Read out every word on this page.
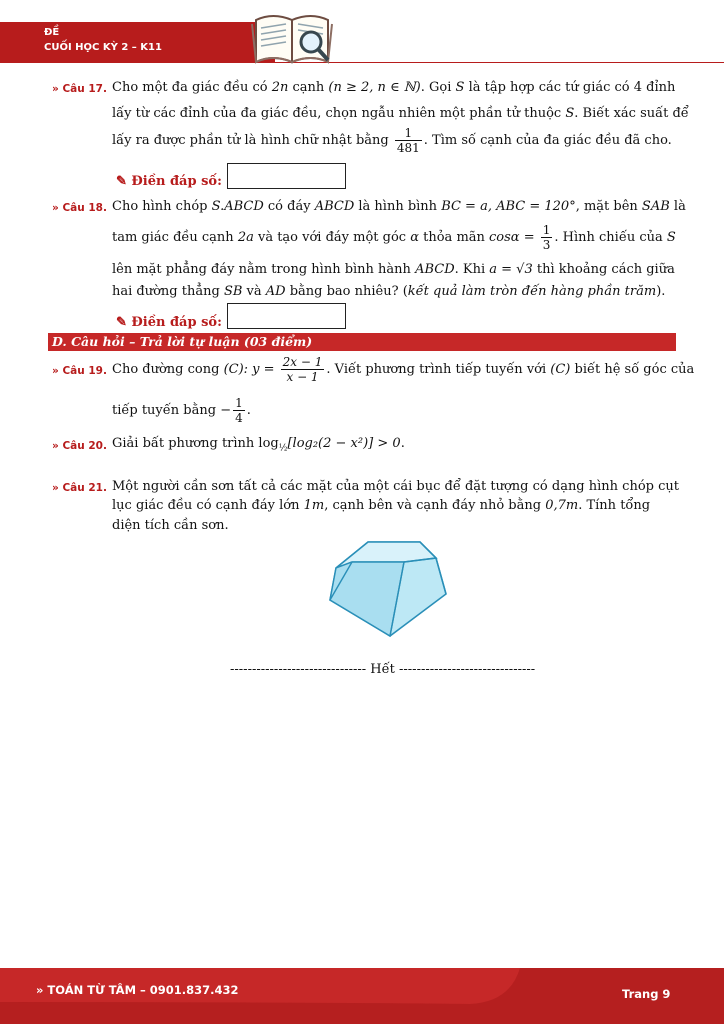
ĐỀ
CUỐI HỌC KỲ 2 – K11
» Câu 17. Cho một đa giác đều có 2n cạnh (n ≥ 2, n ∈ ℕ). Gọi S là tập hợp các tứ giác có 4 đỉnh
lấy từ các đỉnh của đa giác đều, chọn ngẫu nhiên một phần tử thuộc S. Biết xác suất để
lấy ra được phần tử là hình chữ nhật bằng $\frac{1}{481}$ . Tìm số cạnh của đa giác đều đã cho.
✎ Điền đáp số:
» Câu 18. Cho hình chóp S.ABCD có đáy ABCD là hình bình BC = a, ABC = 120°, mặt bên SAB là
tam giác đều cạnh 2a và tạo với đáy một góc α thỏa mãn $\cos\alpha = \frac{1}{3}$ . Hình chiếu của S
lên mặt phẳng đáy nằm trong hình bình hành ABCD. Khi a = √3 thì khoảng cách giữa
hai đường thẳng SB và AD bằng bao nhiêu? (kết quả làm tròn đến hàng phần trăm).
✎ Điền đáp số:
D. Câu hỏi – Trả lời tự luận (03 điểm)
» Câu 19. Cho đường cong (C): $y = \frac{2x - 1}{x - 1}$ . Viết phương trình tiếp tuyến với (C) biết hệ số góc của
tiếp tuyến bằng − $\frac{1}{4}$ .
» Câu 20. Giải bất phương trình $\log_{\frac{1}{2}}[\log_2(2 - x^2)] > 0$.
» Câu 21. Một người cần sơn tất cả các mặt của một cái bục để đặt tượng có dạng hình chóp cụt
lục giác đều có cạnh đáy lớn 1m, cạnh bên và cạnh đáy nhỏ bằng 0,7m. Tính tổng
diện tích cần sơn.
------------------------------- Hết -------------------------------
» TOÁN TỪ TÂM – 0901.837.432	Trang 9
